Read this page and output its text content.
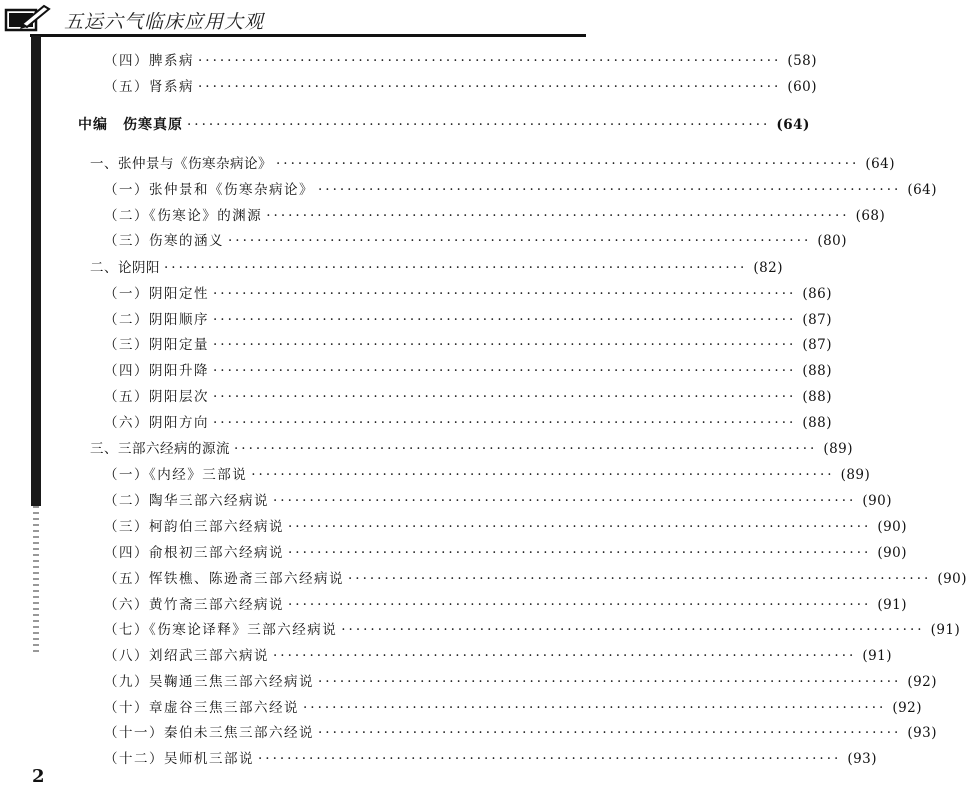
五运六气临床应用大观
（四）脾系病 ················································································ (58)
（五）肾系病 ················································································ (60)
中编　伤寒真原 ················································································ (64)
一、张仲景与《伤寒杂病论》 ················································································ (64)
（一）张仲景和《伤寒杂病论》 ················································································ (64)
（二）《伤寒论》的渊源 ················································································ (68)
（三）伤寒的涵义 ················································································ (80)
二、论阴阳 ················································································ (82)
（一）阴阳定性 ················································································ (86)
（二）阴阳顺序 ················································································ (87)
（三）阴阳定量 ················································································ (87)
（四）阴阳升降 ················································································ (88)
（五）阴阳层次 ················································································ (88)
（六）阴阳方向 ················································································ (88)
三、三部六经病的源流 ················································································ (89)
（一）《内经》三部说 ················································································ (89)
（二）陶华三部六经病说 ················································································ (90)
（三）柯韵伯三部六经病说 ················································································ (90)
（四）俞根初三部六经病说 ················································································ (90)
（五）恽铁樵、陈逊斋三部六经病说 ················································································ (90)
（六）黄竹斋三部六经病说 ················································································ (91)
（七）《伤寒论译释》三部六经病说 ················································································ (91)
（八）刘绍武三部六病说 ················································································ (91)
（九）吴鞠通三焦三部六经病说 ················································································ (92)
（十）章虚谷三焦三部六经说 ················································································ (92)
（十一）秦伯未三焦三部六经说 ················································································ (93)
（十二）吴师机三部说 ················································································ (93)
2
